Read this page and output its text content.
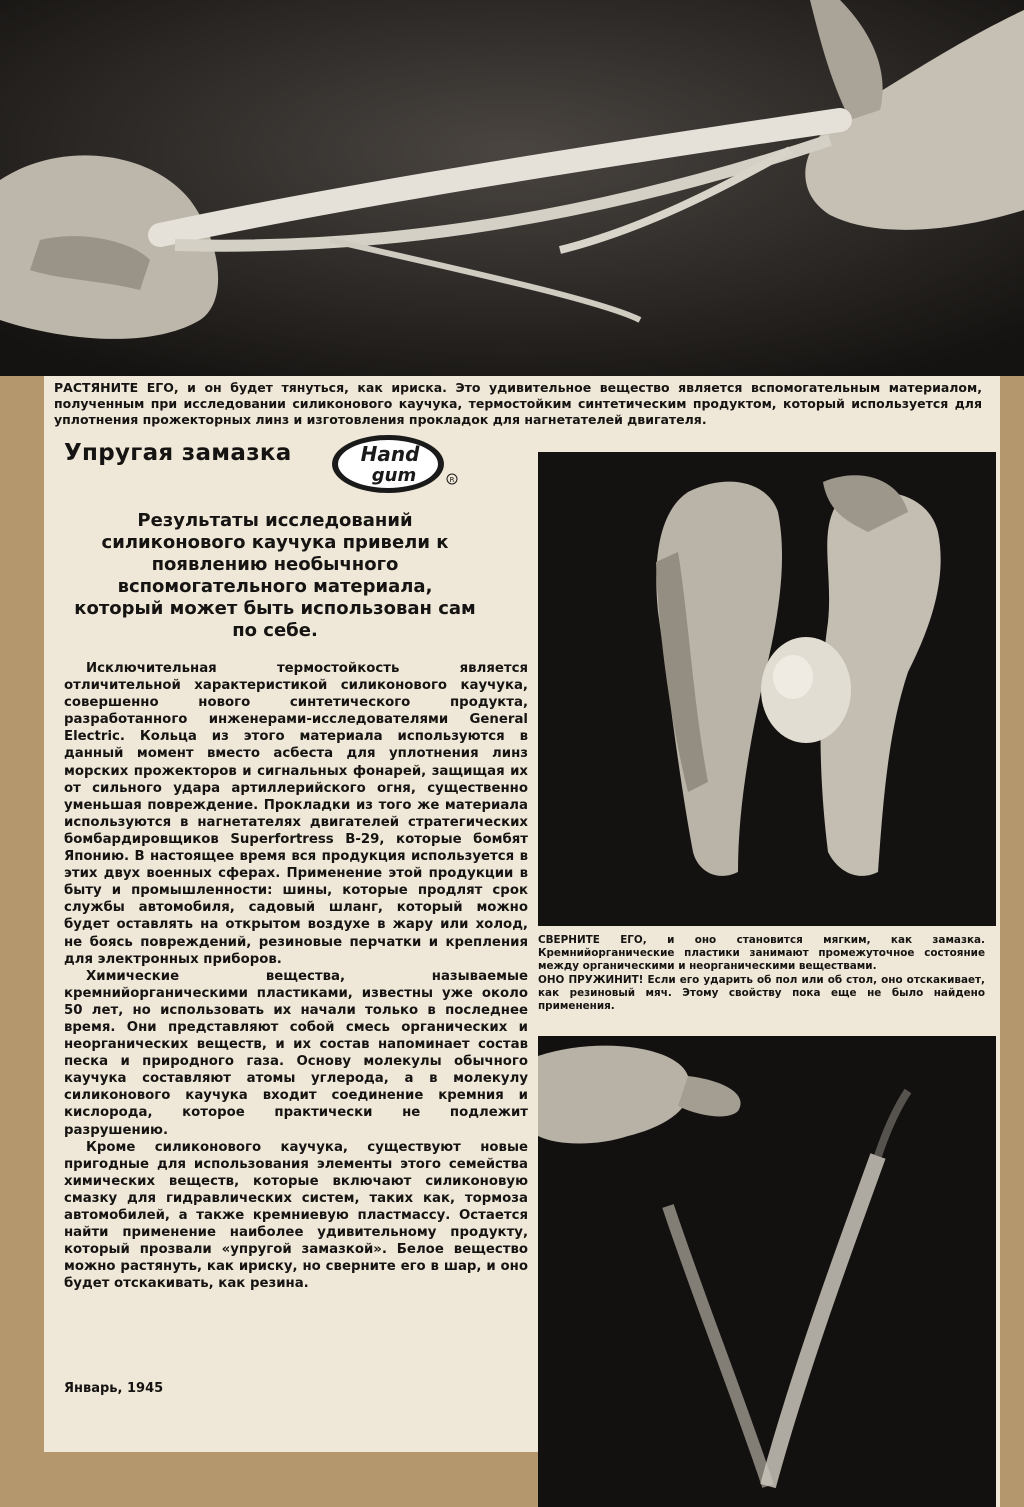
РАСТЯНИТЕ ЕГО, и он будет тянуться, как ириска. Это удивительное вещество является вспомогательным материалом, полученным при исследовании силиконового каучука, термостойким синтетическим продуктом, который используется для уплотнения прожекторных линз и изготовления прокладок для нагнетателей двигателя.

Упругая замазка	Hand
gum	R

Результаты исследований силиконового каучука привели к появлению необычного вспомогательного материала, который может быть использован сам по себе.

Исключительная термостойкость является отличительной характеристикой силиконового каучука, совершенно нового синтетического продукта, разработанного инженерами-исследователями General Electric. Кольца из этого материала используются в данный момент вместо асбеста для уплотнения линз морских прожекторов и сигнальных фонарей, защищая их от сильного удара артиллерийского огня, существенно уменьшая повреждение. Прокладки из того же материала используются в нагнетателях двигателей стратегических бомбардировщиков Superfortress B-29, которые бомбят Японию. В настоящее время вся продукция используется в этих двух военных сферах. Применение этой продукции в быту и промышленности: шины, которые продлят срок службы автомобиля, садовый шланг, который можно будет оставлять на открытом воздухе в жару или холод, не боясь повреждений, резиновые перчатки и крепления для электронных приборов.

Химические вещества, называемые кремнийорганическими пластиками, известны уже около 50 лет, но использовать их начали только в последнее время. Они представляют собой смесь органических и неорганических веществ, и их состав напоминает состав песка и природного газа. Основу молекулы обычного каучука составляют атомы углерода, а в молекулу силиконового каучука входит соединение кремния и кислорода, которое практически не подлежит разрушению.

Кроме силиконового каучука, существуют новые пригодные для использования элементы этого семейства химических веществ, которые включают силиконовую смазку для гидравлических систем, таких как, тормоза автомобилей, а также кремниевую пластмассу. Остается найти применение наиболее удивительному продукту, который прозвали «упругой замазкой». Белое вещество можно растянуть, как ириску, но сверните его в шар, и оно будет отскакивать, как резина.

Январь, 1945

СВЕРНИТЕ ЕГО, и оно становится мягким, как замазка. Кремнийорганические пластики занимают промежуточное состояние между органическими и неорганическими веществами.

ОНО ПРУЖИНИТ! Если его ударить об пол или об стол, оно отскакивает, как резиновый мяч. Этому свойству пока еще не было найдено применения.
